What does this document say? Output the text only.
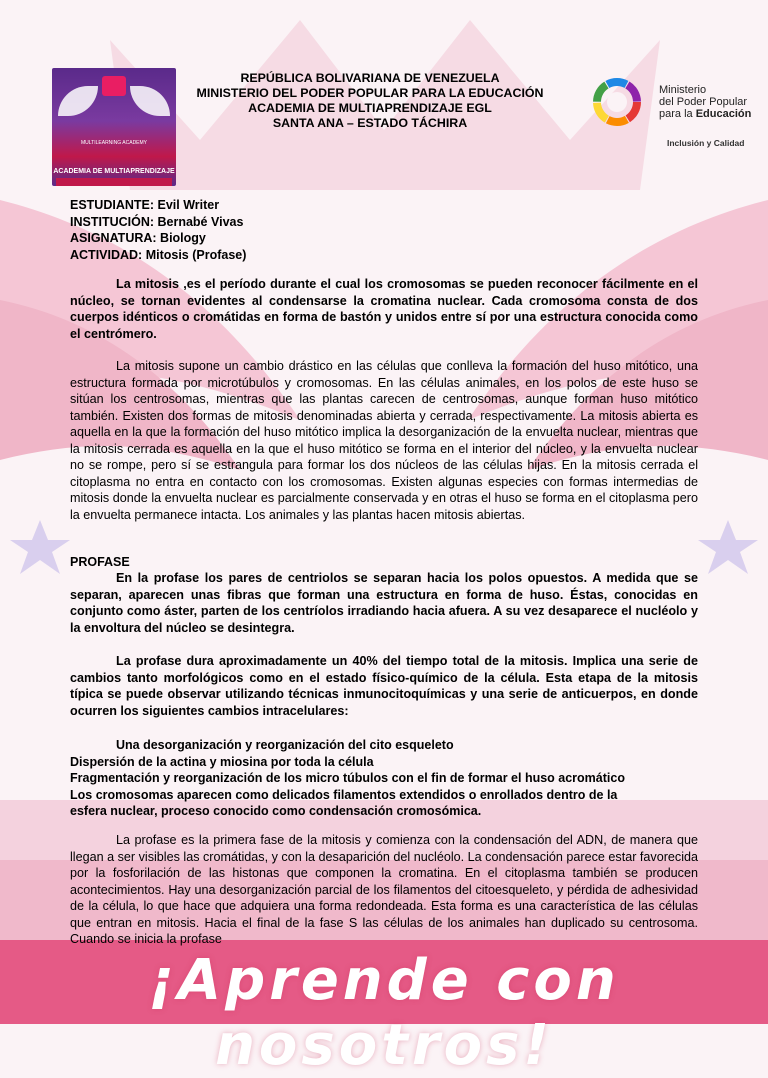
¡Aprende con nosotros!
MULTILEARNING ACADEMY
ACADEMIA DE MULTIAPRENDIZAJE
REPÚBLICA BOLIVARIANA DE VENEZUELA
MINISTERIO DEL PODER POPULAR PARA LA EDUCACIÓN
ACADEMIA DE MULTIAPRENDIZAJE EGL
SANTA ANA – ESTADO TÁCHIRA
Ministerio
del Poder Popular
para la Educación
Inclusión y Calidad
ESTUDIANTE: Evil Writer
INSTITUCIÓN: Bernabé Vivas
ASIGNATURA: Biology
ACTIVIDAD: Mitosis (Profase)

La mitosis ,es el período durante el cual los cromosomas se pueden reconocer fácilmente en el núcleo, se tornan evidentes al condensarse la cromatina nuclear. Cada cromosoma consta de dos cuerpos idénticos o cromátidas en forma de bastón y unidos entre sí por una estructura conocida como el centrómero.

La mitosis supone un cambio drástico en las células que conlleva la formación del huso mitótico, una estructura formada por microtúbulos y cromosomas. En las células animales, en los polos de este huso se sitúan los centrosomas, mientras que las plantas carecen de centrosomas, aunque forman huso mitótico también. Existen dos formas de mitosis denominadas abierta y cerrada, respectivamente. La mitosis abierta es aquella en la que la formación del huso mitótico implica la desorganización de la envuelta nuclear, mientras que la mitosis cerrada es aquella en la que el huso mitótico se forma en el interior del núcleo, y la envuelta nuclear no se rompe, pero sí se estrangula para formar los dos núcleos de las células hijas. En la mitosis cerrada el citoplasma no entra en contacto con los cromosomas. Existen algunas especies con formas intermedias de mitosis donde la envuelta nuclear es parcialmente conservada y en otras el huso se forma en el citoplasma pero la envuelta permanece intacta. Los animales y las plantas hacen mitosis abiertas.

PROFASE

En la profase los pares de centriolos se separan hacia los polos opuestos. A medida que se separan, aparecen unas fibras que forman una estructura en forma de huso. Éstas, conocidas en conjunto como áster, parten de los centríolos irradiando hacia afuera. A su vez desaparece el nucléolo y la envoltura del núcleo se desintegra.

La profase dura aproximadamente un 40% del tiempo total de la mitosis. Implica una serie de cambios tanto morfológicos como en el estado físico-químico de la célula. Esta etapa de la mitosis típica se puede observar utilizando técnicas inmunocitoquímicas y una serie de anticuerpos, en donde ocurren los siguientes cambios intracelulares:

Una desorganización y reorganización del cito esqueleto
Dispersión de la actina y miosina por toda la célula
Fragmentación y reorganización de los micro túbulos con el fin de formar el huso acromático
Los cromosomas aparecen como delicados filamentos extendidos o enrollados dentro de la
esfera nuclear, proceso conocido como condensación cromosómica.

La profase es la primera fase de la mitosis y comienza con la condensación del ADN, de manera que llegan a ser visibles las cromátidas, y con la desaparición del nucléolo. La condensación parece estar favorecida por la fosforilación de las histonas que componen la cromatina. En el citoplasma también se producen acontecimientos. Hay una desorganización parcial de los filamentos del citoesqueleto, y pérdida de adhesividad de la célula, lo que hace que adquiera una forma redondeada. Esta forma es una característica de las células que entran en mitosis. Hacia el final de la fase S las células de los animales han duplicado su centrosoma. Cuando se inicia la profase
